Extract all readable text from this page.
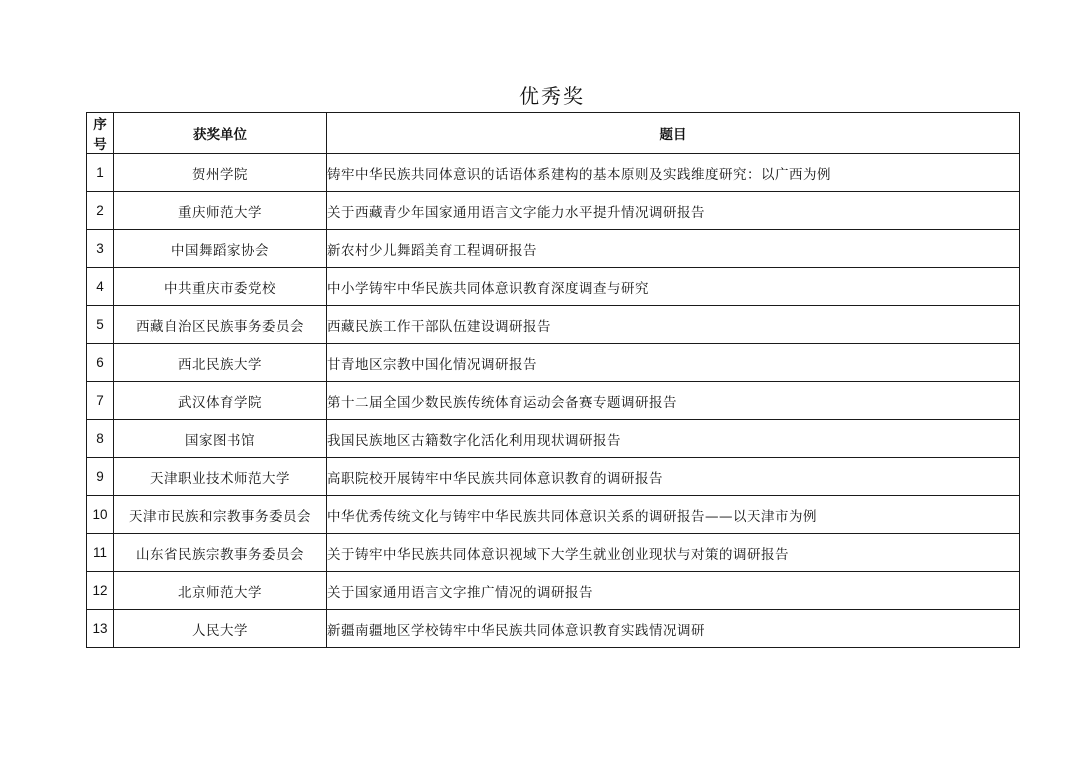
优秀奖
序号	获奖单位	题目
1	贺州学院	铸牢中华民族共同体意识的话语体系建构的基本原则及实践维度研究：以广西为例
2	重庆师范大学	关于西藏青少年国家通用语言文字能力水平提升情况调研报告
3	中国舞蹈家协会	新农村少儿舞蹈美育工程调研报告
4	中共重庆市委党校	中小学铸牢中华民族共同体意识教育深度调查与研究
5	西藏自治区民族事务委员会	西藏民族工作干部队伍建设调研报告
6	西北民族大学	甘青地区宗教中国化情况调研报告
7	武汉体育学院	第十二届全国少数民族传统体育运动会备赛专题调研报告
8	国家图书馆	我国民族地区古籍数字化活化利用现状调研报告
9	天津职业技术师范大学	高职院校开展铸牢中华民族共同体意识教育的调研报告
10	天津市民族和宗教事务委员会	中华优秀传统文化与铸牢中华民族共同体意识关系的调研报告——以天津市为例
11	山东省民族宗教事务委员会	关于铸牢中华民族共同体意识视域下大学生就业创业现状与对策的调研报告
12	北京师范大学	关于国家通用语言文字推广情况的调研报告
13	人民大学	新疆南疆地区学校铸牢中华民族共同体意识教育实践情况调研
